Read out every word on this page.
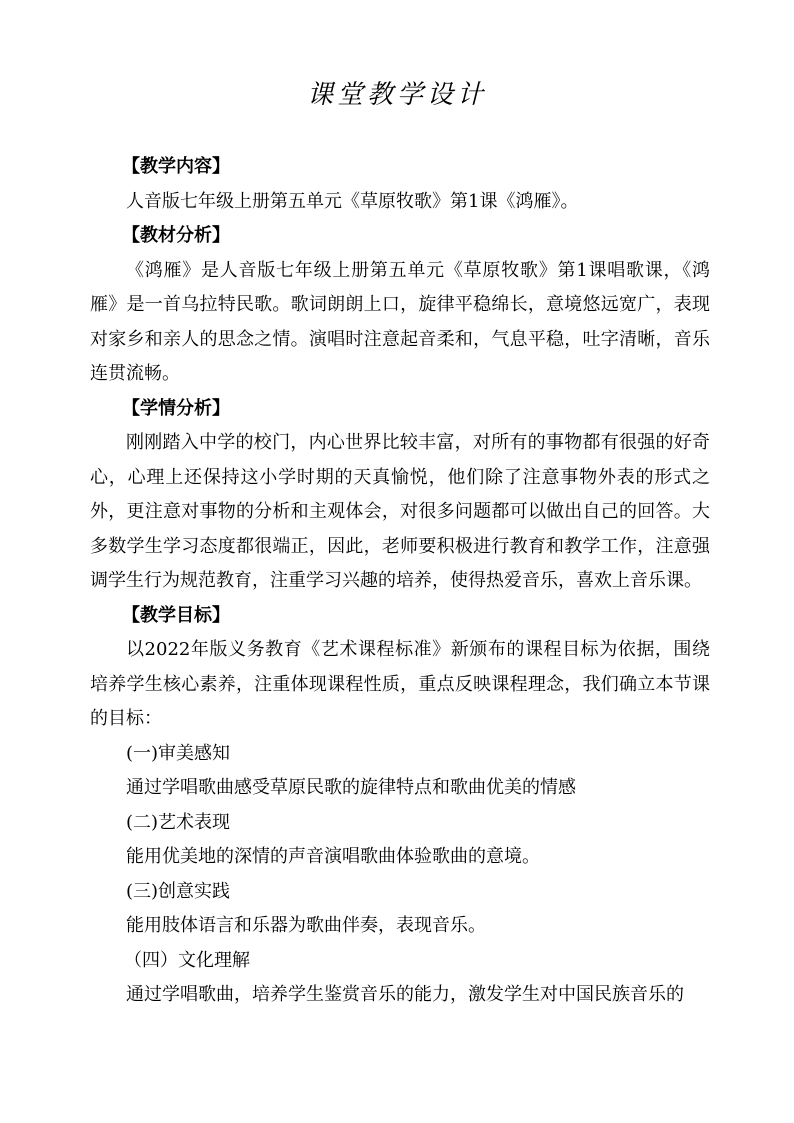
课堂教学设计

【教学内容】

人音版七年级上册第五单元《草原牧歌》第1课《鸿雁》。

【教材分析】

《鸿雁》是人音版七年级上册第五单元《草原牧歌》第1课唱歌课，《鸿雁》是一首乌拉特民歌。歌词朗朗上口，旋律平稳绵长，意境悠远宽广，表现对家乡和亲人的思念之情。演唱时注意起音柔和，气息平稳，吐字清晰，音乐连贯流畅。

【学情分析】

刚刚踏入中学的校门，内心世界比较丰富，对所有的事物都有很强的好奇心，心理上还保持这小学时期的天真愉悦，他们除了注意事物外表的形式之外，更注意对事物的分析和主观体会，对很多问题都可以做出自己的回答。大多数学生学习态度都很端正，因此，老师要积极进行教育和教学工作，注意强调学生行为规范教育，注重学习兴趣的培养，使得热爱音乐，喜欢上音乐课。

【教学目标】

以2022年版义务教育《艺术课程标准》新颁布的课程目标为依据，围绕培养学生核心素养，注重体现课程性质，重点反映课程理念，我们确立本节课的目标：

(一)审美感知

通过学唱歌曲感受草原民歌的旋律特点和歌曲优美的情感

(二)艺术表现

能用优美地的深情的声音演唱歌曲体验歌曲的意境。

(三)创意实践

能用肢体语言和乐器为歌曲伴奏，表现音乐。

（四）文化理解

通过学唱歌曲，培养学生鉴赏音乐的能力，激发学生对中国民族音乐的
